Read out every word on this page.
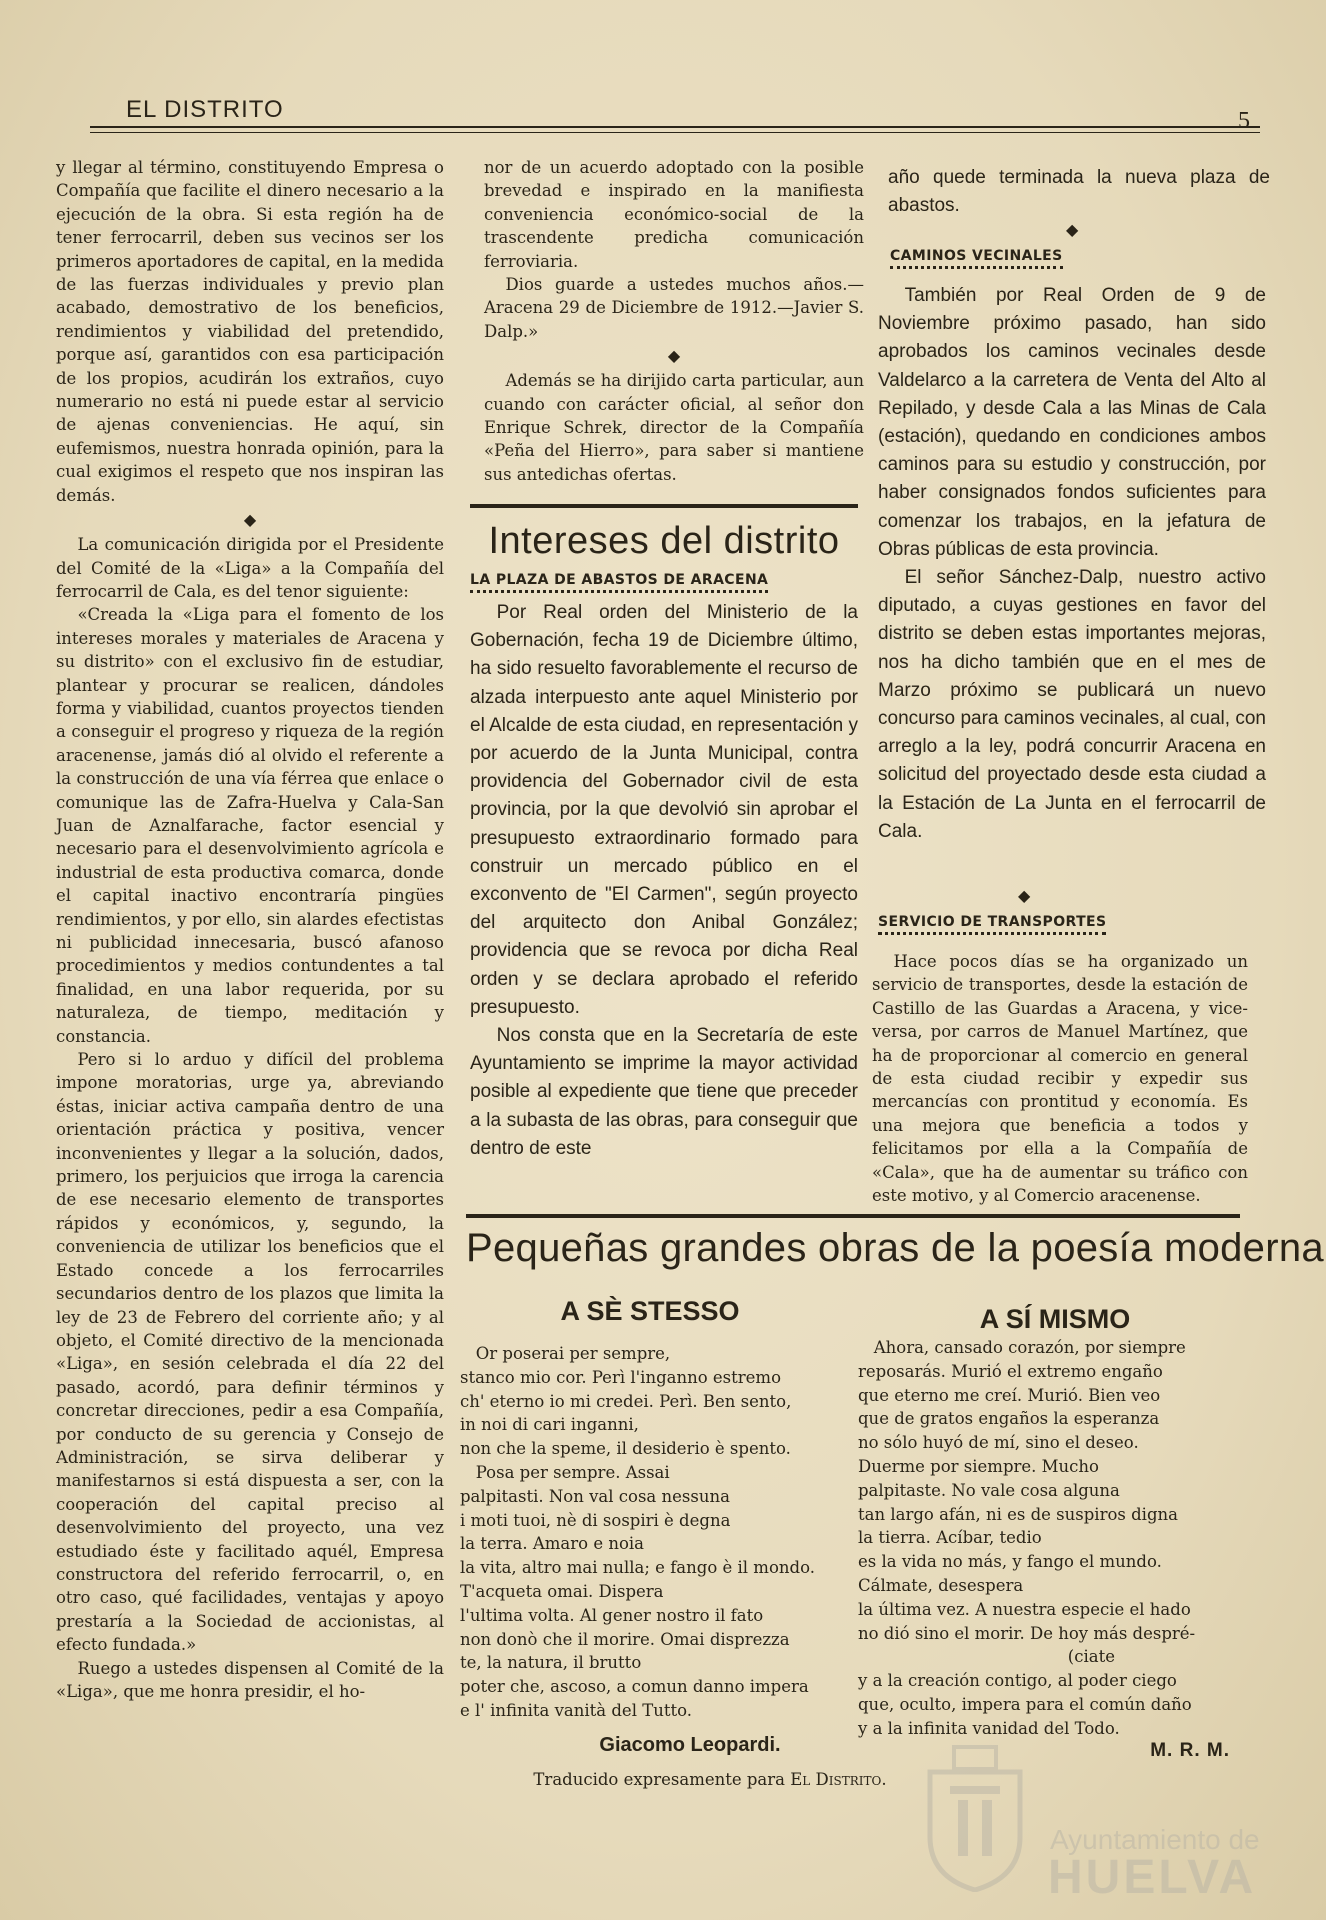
EL DISTRITO	5

y llegar al término, constituyendo Empresa o Compañía que facilite el dinero necesario a la ejecución de la obra. Si esta región ha de tener ferrocarril, deben sus vecinos ser los primeros aportadores de capital, en la medida de las fuerzas individuales y previo plan acabado, demostrativo de los beneficios, rendimientos y viabilidad del pretendido, porque así, garantidos con esa participación de los propios, acudirán los extraños, cuyo numerario no está ni puede estar al servicio de ajenas conveniencias. He aquí, sin eufemismos, nuestra honrada opinión, para la cual exigimos el respeto que nos inspiran las demás.

◆

La comunicación dirigida por el Presidente del Comité de la «Liga» a la Compañía del ferrocarril de Cala, es del tenor siguiente:

«Creada la «Liga para el fomento de los intereses morales y materiales de Aracena y su distrito» con el exclusivo fin de estudiar, plantear y procurar se realicen, dándoles forma y viabilidad, cuantos proyectos tienden a conseguir el progreso y riqueza de la región aracenense, jamás dió al olvido el referente a la construcción de una vía férrea que enlace o comunique las de Zafra-Huelva y Cala-San Juan de Aznalfarache, factor esencial y necesario para el desenvolvimiento agrícola e industrial de esta productiva comarca, donde el capital inactivo encontraría pingües rendimientos, y por ello, sin alardes efectistas ni publicidad innecesaria, buscó afanoso procedimientos y medios contundentes a tal finalidad, en una labor requerida, por su naturaleza, de tiempo, meditación y constancia.

Pero si lo arduo y difícil del problema impone moratorias, urge ya, abreviando éstas, iniciar activa campaña dentro de una orientación práctica y positiva, vencer inconvenientes y llegar a la solución, dados, primero, los perjuicios que irroga la carencia de ese necesario elemento de transportes rápidos y económicos, y, segundo, la conveniencia de utilizar los beneficios que el Estado concede a los ferrocarriles secundarios dentro de los plazos que limita la ley de 23 de Febrero del corriente año; y al objeto, el Comité directivo de la mencionada «Liga», en sesión celebrada el día 22 del pasado, acordó, para definir términos y concretar direcciones, pedir a esa Compañía, por conducto de su gerencia y Consejo de Administración, se sirva deliberar y manifestarnos si está dispuesta a ser, con la cooperación del capital preciso al desenvolvimiento del proyecto, una vez estudiado éste y facilitado aquél, Empresa constructora del referido ferrocarril, o, en otro caso, qué facilidades, ventajas y apoyo prestaría a la Sociedad de accionistas, al efecto fundada.»

Ruego a ustedes dispensen al Comité de la «Liga», que me honra presidir, el ho-

nor de un acuerdo adoptado con la posible brevedad e inspirado en la manifiesta conveniencia económico-social de la trascendente predicha comunicación ferroviaria.

Dios guarde a ustedes muchos años.— Aracena 29 de Diciembre de 1912.—Javier S. Dalp.»

◆

Además se ha dirijido carta particular, aun cuando con carácter oficial, al señor don Enrique Schrek, director de la Compañía «Peña del Hierro», para saber si mantiene sus antedichas ofertas.

Intereses del distrito
LA PLAZA DE ABASTOS DE ARACENA

Por Real orden del Ministerio de la Gobernación, fecha 19 de Diciembre último, ha sido resuelto favorablemente el recurso de alzada interpuesto ante aquel Ministerio por el Alcalde de esta ciudad, en representación y por acuerdo de la Junta Municipal, contra providencia del Gobernador civil de esta provincia, por la que devolvió sin aprobar el presupuesto extraordinario formado para construir un mercado público en el exconvento de "El Carmen", según proyecto del arquitecto don Anibal González; providencia que se revoca por dicha Real orden y se declara aprobado el referido presupuesto.

Nos consta que en la Secretaría de este Ayuntamiento se imprime la mayor actividad posible al expediente que tiene que preceder a la subasta de las obras, para conseguir que dentro de este

año quede terminada la nueva plaza de abastos.

◆
CAMINOS VECINALES

También por Real Orden de 9 de Noviembre próximo pasado, han sido aprobados los caminos vecinales desde Valdelarco a la carretera de Venta del Alto al Repilado, y desde Cala a las Minas de Cala (estación), quedando en condiciones ambos caminos para su estudio y construcción, por haber consignados fondos suficientes para comenzar los trabajos, en la jefatura de Obras públicas de esta provincia.

El señor Sánchez-Dalp, nuestro activo diputado, a cuyas gestiones en favor del distrito se deben estas importantes mejoras, nos ha dicho también que en el mes de Marzo próximo se publicará un nuevo concurso para caminos vecinales, al cual, con arreglo a la ley, podrá concurrir Aracena en solicitud del proyectado desde esta ciudad a la Estación de La Junta en el ferrocarril de Cala.

◆
SERVICIO DE TRANSPORTES

Hace pocos días se ha organizado un servicio de transportes, desde la estación de Castillo de las Guardas a Aracena, y vice-versa, por carros de Manuel Martínez, que ha de proporcionar al comercio en general de esta ciudad recibir y expedir sus mercancías con prontitud y economía. Es una mejora que beneficia a todos y felicitamos por ella a la Compañía de «Cala», que ha de aumentar su tráfico con este motivo, y al Comercio aracenense.

Pequeñas grandes obras de la poesía moderna
A SÈ STESSO	A SÍ MISMO
Or poserai per sempre,
stanco mio cor. Perì l'inganno estremo
ch' eterno io mi credei. Perì. Ben sento,
in noi di cari inganni,
non che la speme, il desiderio è spento.
Posa per sempre. Assai
palpitasti. Non val cosa nessuna
i moti tuoi, nè di sospiri è degna
la terra. Amaro e noia
la vita, altro mai nulla; e fango è il mondo.
T'acqueta omai. Dispera
l'ultima volta. Al gener nostro il fato
non donò che il morire. Omai disprezza
te, la natura, il brutto
poter che, ascoso, a comun danno impera
e l' infinita vanità del Tutto.
Ahora, cansado corazón, por siempre
reposarás. Murió el extremo engaño
que eterno me creí. Murió. Bien veo
que de gratos engaños la esperanza
no sólo huyó de mí, sino el deseo.
Duerme por siempre. Mucho
palpitaste. No vale cosa alguna
tan largo afán, ni es de suspiros digna
la tierra. Acíbar, tedio
es la vida no más, y fango el mundo.
Cálmate, desespera
la última vez. A nuestra especie el hado
no dió sino el morir. De hoy más despré-
(ciate
y a la creación contigo, al poder ciego
que, oculto, impera para el común daño
y a la infinita vanidad del Todo.
Giacomo Leopardi.	M. R. M.
Traducido expresamente para El Distrito.
Ayuntamiento de
HUELVA
